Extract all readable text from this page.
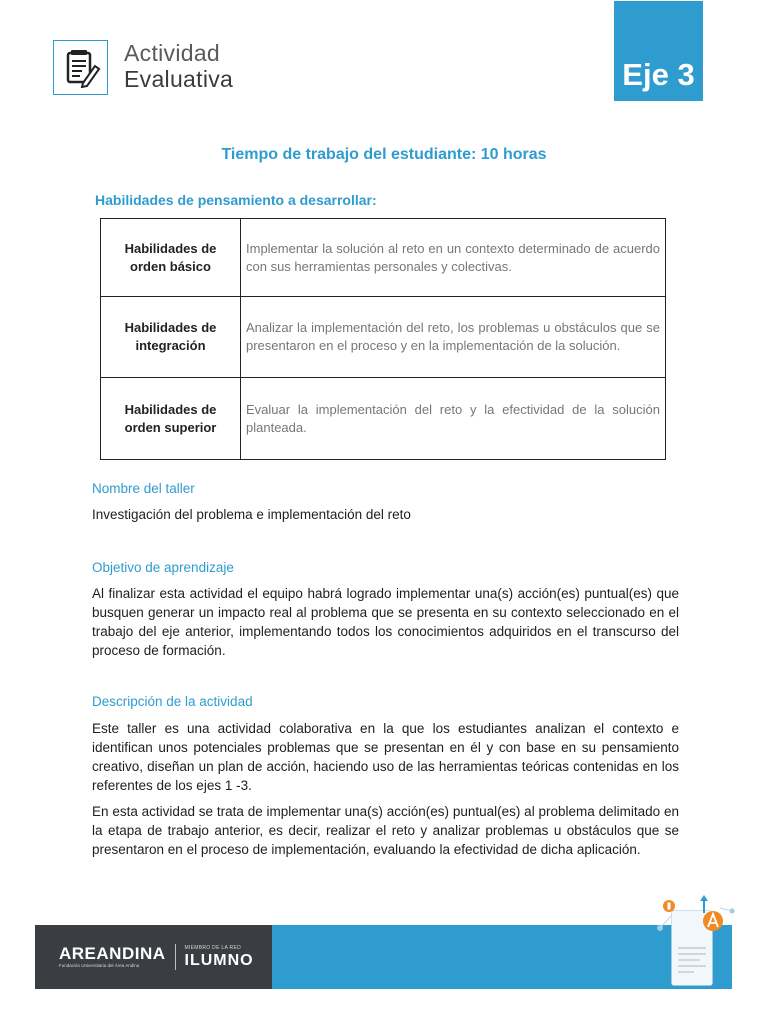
Actividad
Evaluativa	Eje 3
Tiempo de trabajo del estudiante: 10 horas
Habilidades de pensamiento a desarrollar:
Habilidades de
orden básico	Implementar la solución al reto en un contexto determinado de acuerdo con sus herramientas personales y colectivas.

Habilidades de
integración	Analizar la implementación del reto, los problemas u obstáculos que se presentaron en el proceso y en la implementación de la solución.

Habilidades de
orden superior	Evaluar la implementación del reto y la efectividad de la solución planteada.
Nombre del taller
Investigación del problema e implementación del reto
Objetivo de aprendizaje
Al finalizar esta actividad el equipo habrá logrado implementar una(s) acción(es) puntual(es) que busquen generar un impacto real al problema que se presenta en su contexto seleccionado en el trabajo del eje anterior, implementando todos los conocimientos adquiridos en el transcurso del proceso de formación.
Descripción de la actividad
Este taller es una actividad colaborativa en la que los estudiantes analizan el contexto e identifican unos potenciales problemas que se presentan en él y con base en su pensamiento creativo, diseñan un plan de acción, haciendo uso de las herramientas teóricas contenidas en los referentes de los ejes 1 -3.
En esta actividad se trata de implementar una(s) acción(es) puntual(es) al problema delimitado en la etapa de trabajo anterior, es decir, realizar el reto y analizar problemas u obstáculos que se presentaron en el proceso de implementación, evaluando la efectividad de dicha aplicación.
AREANDINA
Fundación Universitaria del Área Andina
MIEMBRO DE LA RED
ILUMNO
